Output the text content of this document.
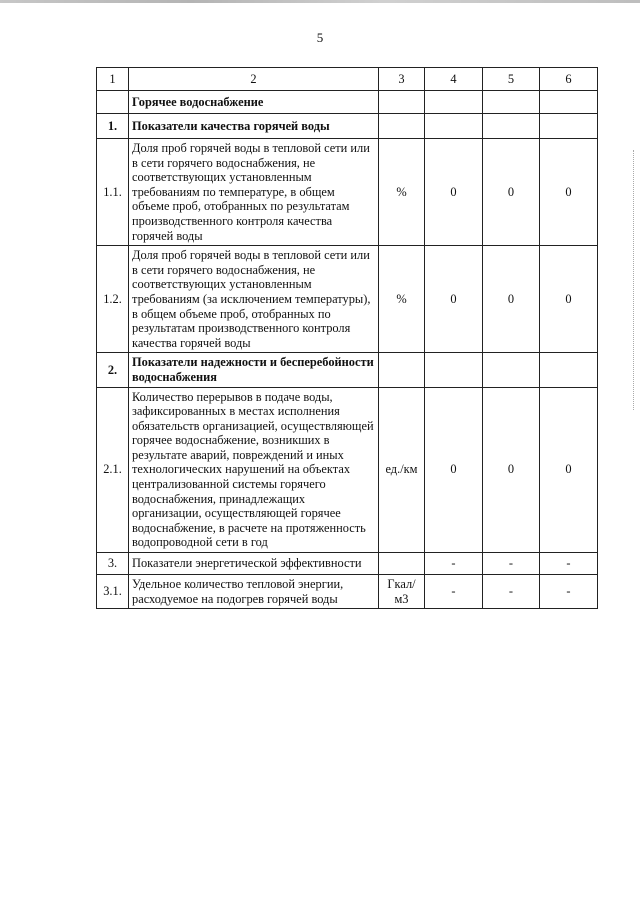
5
1	2	3	4	5	6
	Горячее водоснабжение				
1.	Показатели качества горячей воды				
1.1.	Доля проб горячей воды в тепловой сети или в сети горячего водоснабжения, не соответствующих установленным требованиям по температуре, в общем объеме проб, отобранных по результатам производственного контроля качества горячей воды	%	0	0	0
1.2.	Доля проб горячей воды в тепловой сети или в сети горячего водоснабжения, не соответствующих установленным требованиям (за исключением температуры), в общем объеме проб, отобранных по результатам производственного контроля качества горячей воды	%	0	0	0
2.	Показатели надежности и бесперебойности водоснабжения				
2.1.	Количество перерывов в подаче воды, зафиксированных в местах исполнения обязательств организацией, осуществляющей горячее водоснабжение, возникших в результате аварий, повреждений и иных технологических нарушений на объектах централизованной системы горячего водоснабжения, принадлежащих организации, осуществляющей горячее водоснабжение, в расчете на протяженность водопроводной сети в год	ед./км	0	0	0
3.	Показатели энергетической эффективности		-	-	-
3.1.	Удельное количество тепловой энергии, расходуемое на подогрев горячей воды	Гкал/м3	-	-	-
